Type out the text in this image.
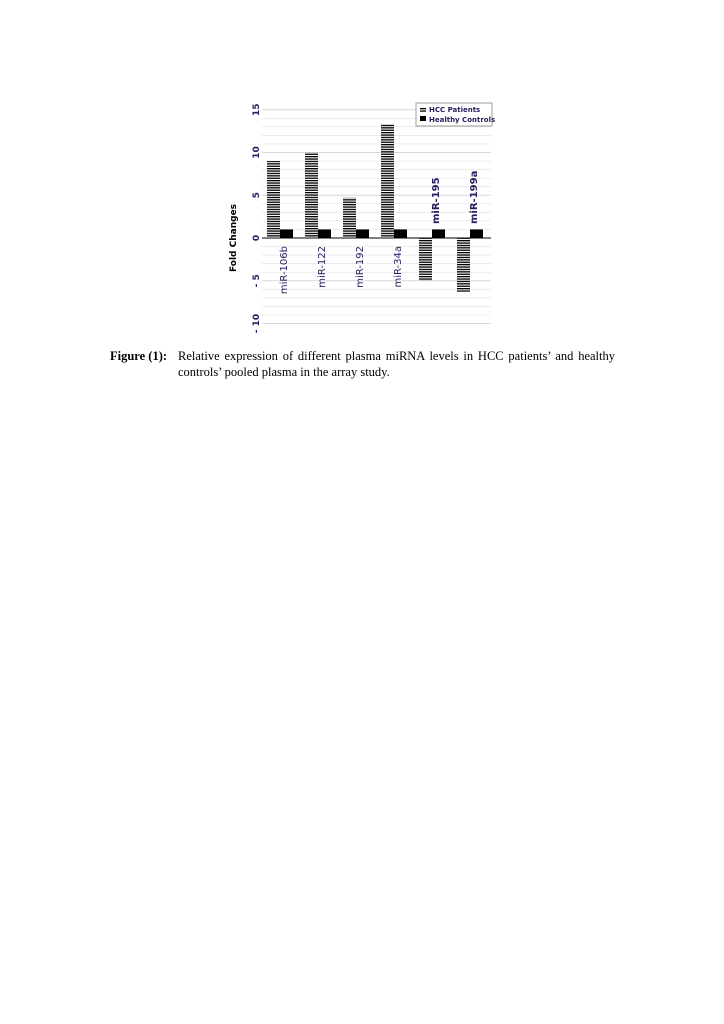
- 10
- 5
0
5
10
15
Fold Changes	miR-106b	miR-122	miR-192	miR-34a
miR-195	miR-199a
HCC Patients
Healthy Controls
Figure (1): Relative expression of different plasma miRNA levels in HCC patients’ and healthy controls’ pooled plasma in the array study.
